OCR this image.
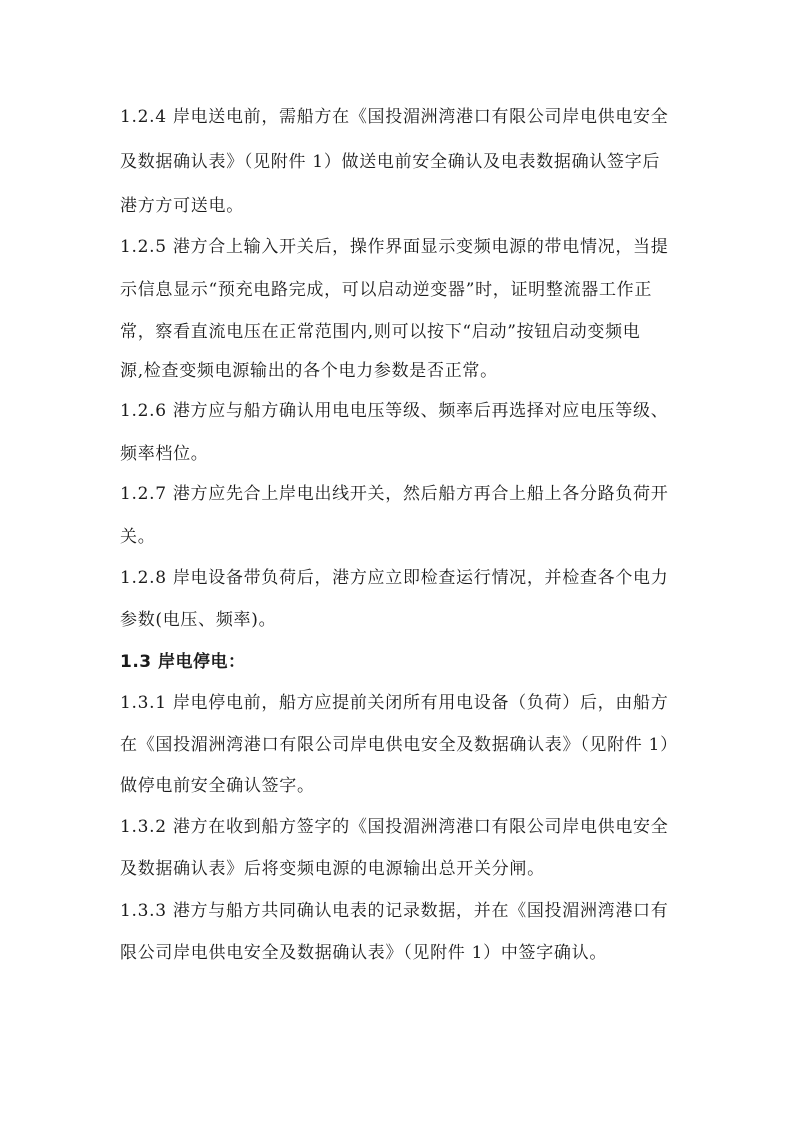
1.2.4 岸电送电前，需船方在《国投湄洲湾港口有限公司岸电供电安全

及数据确认表》（见附件 1）做送电前安全确认及电表数据确认签字后

港方方可送电。

1.2.5 港方合上输入开关后，操作界面显示变频电源的带电情况，当提

示信息显示“预充电路完成，可以启动逆变器”时，证明整流器工作正

常，察看直流电压在正常范围内,则可以按下“启动”按钮启动变频电

源,检查变频电源输出的各个电力参数是否正常。

1.2.6 港方应与船方确认用电电压等级、频率后再选择对应电压等级、

频率档位。

1.2.7 港方应先合上岸电出线开关，然后船方再合上船上各分路负荷开

关。

1.2.8 岸电设备带负荷后，港方应立即检查运行情况，并检查各个电力

参数(电压、频率)。

1.3 岸电停电：

1.3.1 岸电停电前，船方应提前关闭所有用电设备（负荷）后，由船方

在《国投湄洲湾港口有限公司岸电供电安全及数据确认表》（见附件 1）

做停电前安全确认签字。

1.3.2 港方在收到船方签字的《国投湄洲湾港口有限公司岸电供电安全

及数据确认表》后将变频电源的电源输出总开关分闸。

1.3.3 港方与船方共同确认电表的记录数据，并在《国投湄洲湾港口有

限公司岸电供电安全及数据确认表》（见附件 1）中签字确认。
